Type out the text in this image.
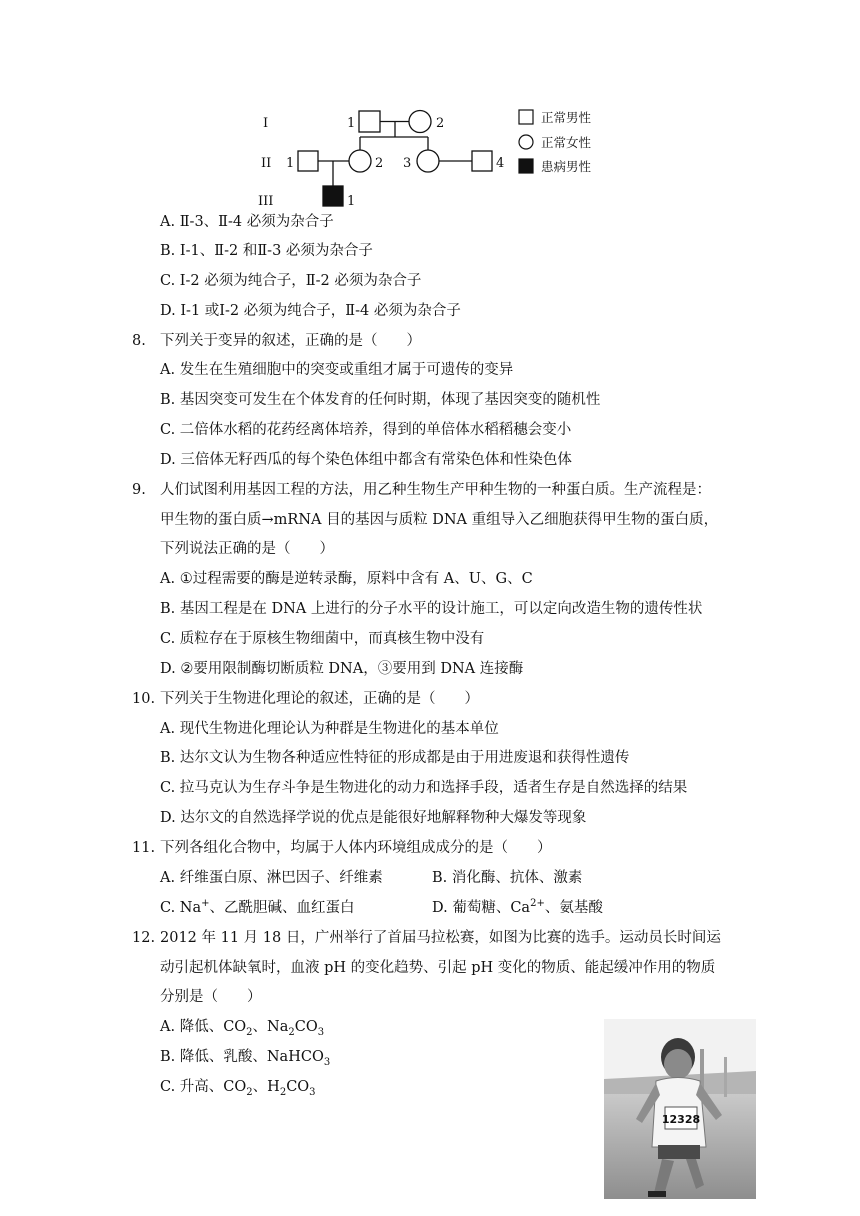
I
II
III
1	2
1	2 3	4
1
正常男性
正常女性
患病男性
A. Ⅱ-3、Ⅱ-4 必须为杂合子
B. Ⅰ-1、Ⅱ-2 和Ⅱ-3 必须为杂合子
C. Ⅰ-2 必须为纯合子，Ⅱ-2 必须为杂合子
D. Ⅰ-1 或Ⅰ-2 必须为纯合子，Ⅱ-4 必须为杂合子
8. 下列关于变异的叙述，正确的是（　　）
A. 发生在生殖细胞中的突变或重组才属于可遗传的变异
B. 基因突变可发生在个体发育的任何时期，体现了基因突变的随机性
C. 二倍体水稻的花药经离体培养，得到的单倍体水稻稻穗会变小
D. 三倍体无籽西瓜的每个染色体组中都含有常染色体和性染色体
9. 人们试图利用基因工程的方法，用乙种生物生产甲种生物的一种蛋白质。生产流程是：
甲生物的蛋白质→mRNA 目的基因与质粒 DNA 重组导入乙细胞获得甲生物的蛋白质，
下列说法正确的是（　　）
A. ①过程需要的酶是逆转录酶，原料中含有 A、U、G、C
B. 基因工程是在 DNA 上进行的分子水平的设计施工，可以定向改造生物的遗传性状
C. 质粒存在于原核生物细菌中，而真核生物中没有
D. ②要用限制酶切断质粒 DNA，③要用到 DNA 连接酶
10. 下列关于生物进化理论的叙述，正确的是（　　）
A. 现代生物进化理论认为种群是生物进化的基本单位
B. 达尔文认为生物各种适应性特征的形成都是由于用进废退和获得性遗传
C. 拉马克认为生存斗争是生物进化的动力和选择手段，适者生存是自然选择的结果
D. 达尔文的自然选择学说的优点是能很好地解释物种大爆发等现象
11. 下列各组化合物中，均属于人体内环境组成成分的是（　　）
A. 纤维蛋白原、淋巴因子、纤维素	B. 消化酶、抗体、激素
C. Na+、乙酰胆碱、血红蛋白	D. 葡萄糖、$Ca^{2+}$、氨基酸
12. 2012 年 11 月 18 日，广州举行了首届马拉松赛，如图为比赛的选手。运动员长时间运
动引起机体缺氧时，血液 pH 的变化趋势、引起 pH 变化的物质、能起缓冲作用的物质
分别是（　　）
A. 降低、$CO_2$、$Na_2CO_3$
B. 降低、乳酸、NaHCO$_3$
C. 升高、$CO_2$、$H_2CO_3$
12328
